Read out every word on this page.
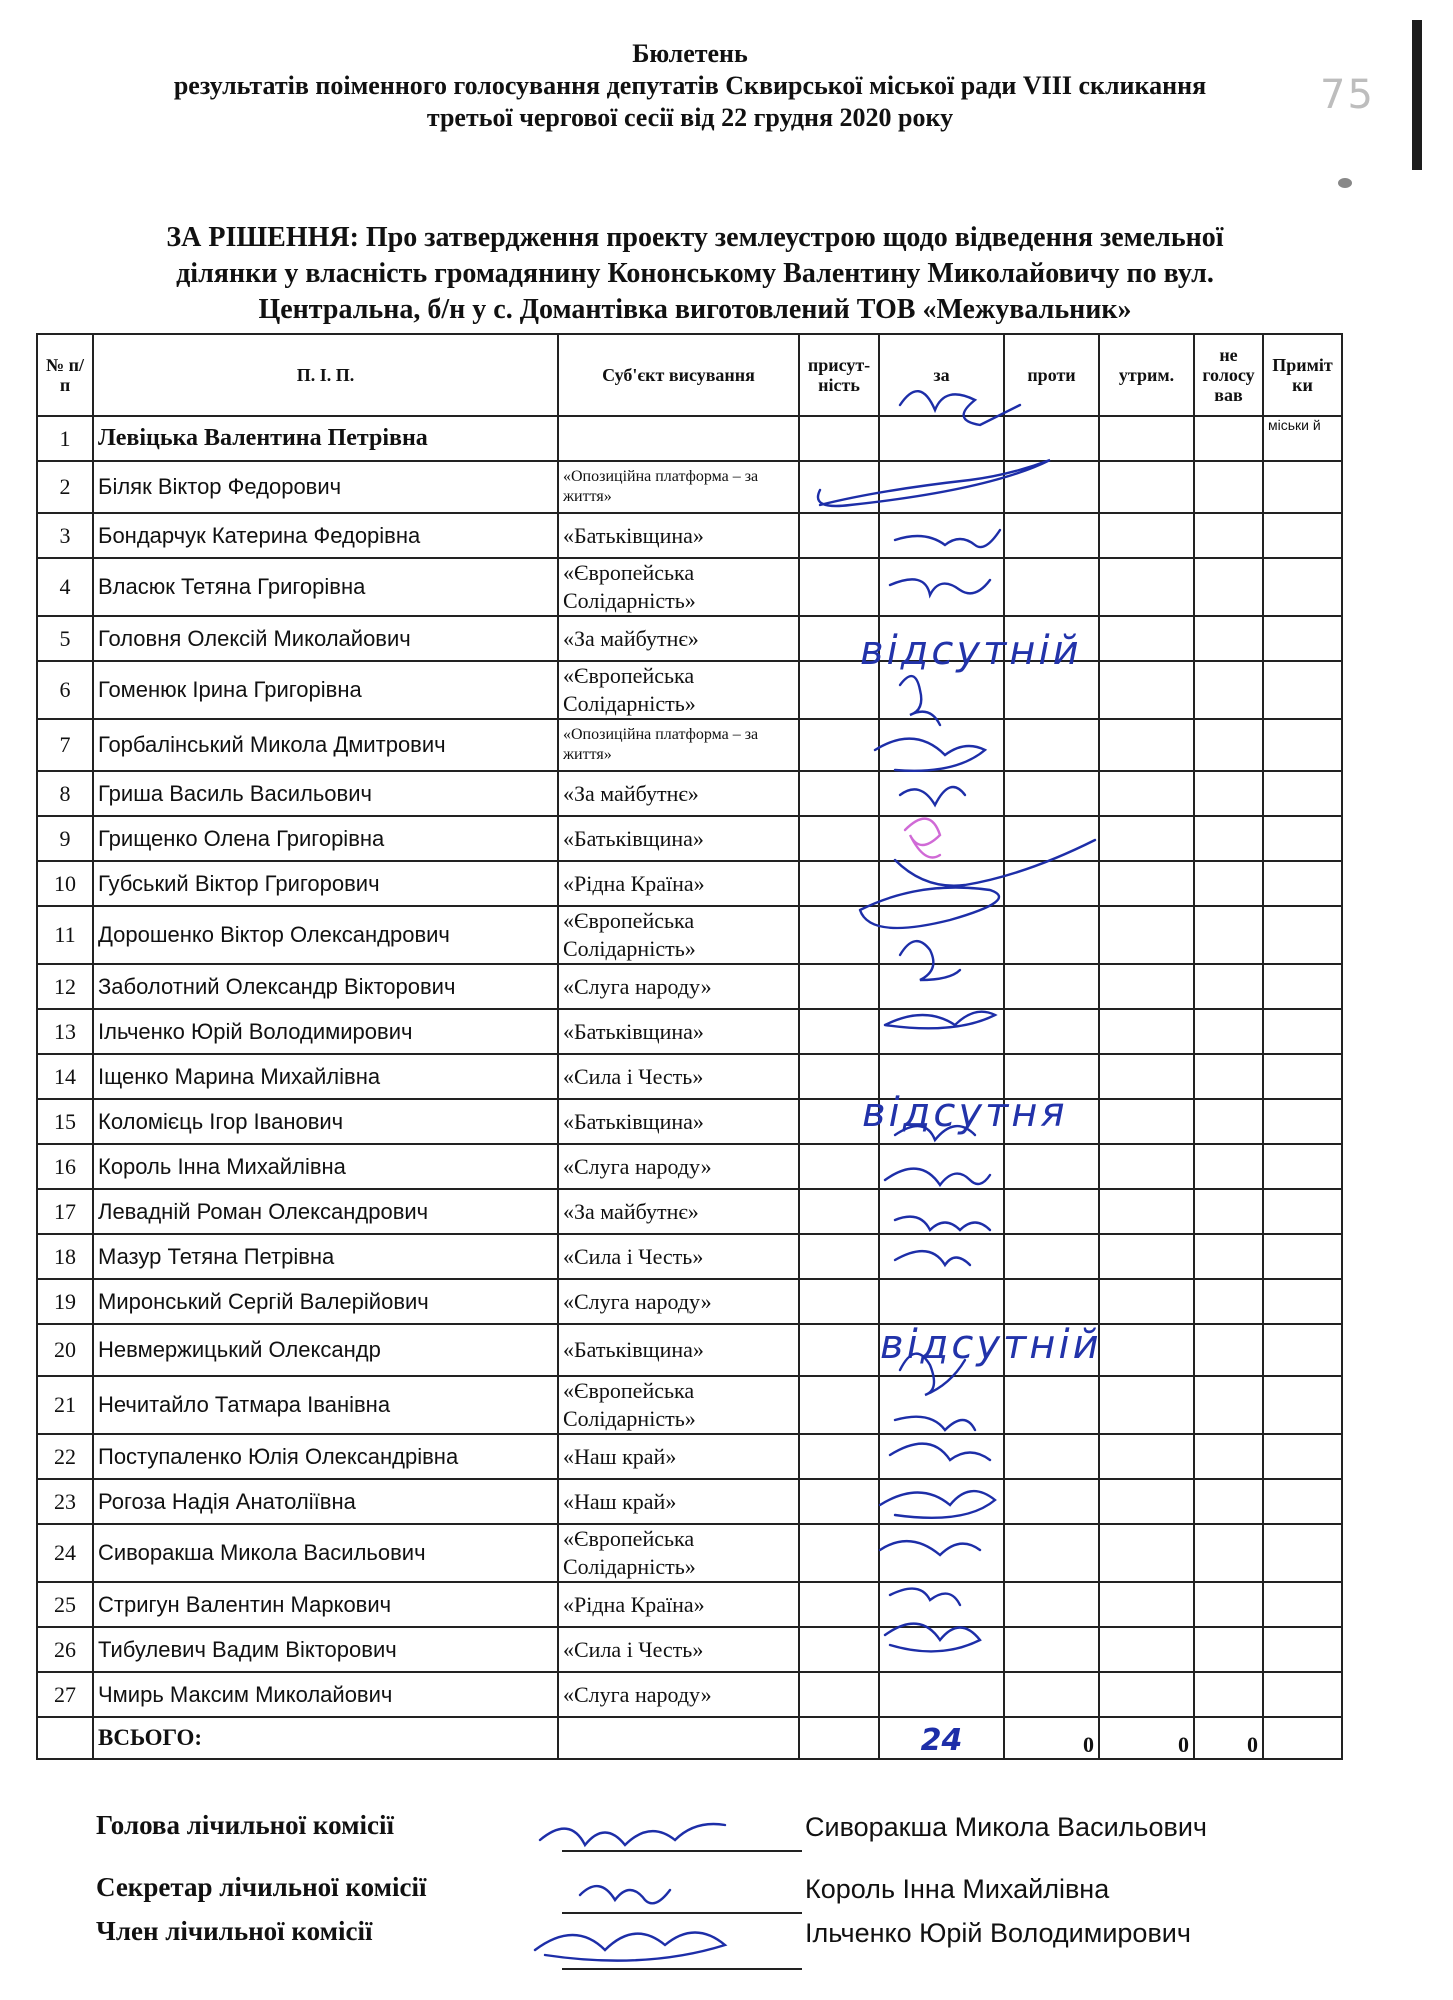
75
Бюлетень
результатів поіменного голосування депутатів Сквирської міської ради VIII скликання
третьої чергової сесії від 22 грудня 2020 року
ЗА РІШЕННЯ: Про затвердження проекту землеустрою щодо відведення земельної
ділянки у власність громадянину Кононському Валентину Миколайовичу по вул.
Центральна, б/н у с. Домантівка виготовлений ТОВ «Межувальник»
№ п/п	П. І. П.	Суб'єкт висування	присут-ність	за	проти	утрим.	не голосу вав	Приміт ки
1	Левіцька Валентина Петрівна							міськи й
2	Біляк Віктор Федорович	«Опозиційна платформа – за життя»						
3	Бондарчук Катерина Федорівна	«Батьківщина»						
4	Власюк Тетяна Григорівна	«Європейська Солідарність»						
5	Головня Олексій Миколайович	«За майбутнє»						
6	Гоменюк Ірина Григорівна	«Європейська Солідарність»						
7	Горбалінський Микола Дмитрович	«Опозиційна платформа – за життя»						
8	Гриша Василь Васильович	«За майбутнє»						
9	Грищенко Олена Григорівна	«Батьківщина»						
10	Губський Віктор Григорович	«Рідна Країна»						
11	Дорошенко Віктор Олександрович	«Європейська Солідарність»						
12	Заболотний Олександр Вікторович	«Слуга народу»						
13	Ільченко Юрій Володимирович	«Батьківщина»						
14	Іщенко Марина Михайлівна	«Сила і Честь»						
15	Коломієць Ігор Іванович	«Батьківщина»						
16	Король Інна Михайлівна	«Слуга народу»						
17	Левадній Роман Олександрович	«За майбутнє»						
18	Мазур Тетяна Петрівна	«Сила і Честь»						
19	Миронський Сергій Валерійович	«Слуга народу»						
20	Невмержицький Олександр	«Батьківщина»						
21	Нечитайло Татмара Іванівна	«Європейська Солідарність»						
22	Поступаленко Юлія Олександрівна	«Наш край»						
23	Рогоза Надія Анатоліївна	«Наш край»						
24	Сиворакша Микола Васильович	«Європейська Солідарність»						
25	Стригун Валентин Маркович	«Рідна Країна»						
26	Тибулевич Вадим Вікторович	«Сила і Честь»						
27	Чмирь Максим Миколайович	«Слуга народу»						
	ВСЬОГО:			24	0	0	0	
відсутній
відсутня
відсутній
Голова лічильної комісії	Сиворакша Микола Васильович
Секретар лічильної комісії	Король Інна Михайлівна
Член лічильної комісії	Ільченко Юрій Володимирович
